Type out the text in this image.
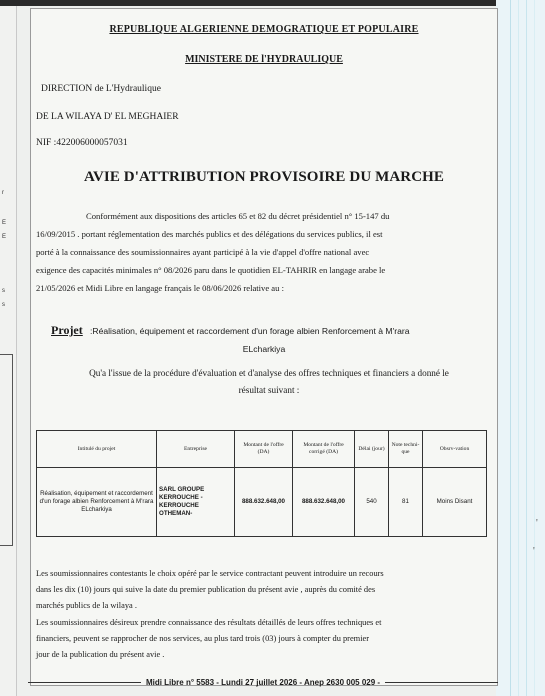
r
E
E
s
s
'
'
REPUBLIQUE ALGERIENNE DEMOGRATIQUE ET POPULAIRE
MINISTERE DE l'HYDRAULIQUE
DIRECTION de L'Hydraulique
DE LA WILAYA D' EL MEGHAIER
NIF :422006000057031
AVIE D'ATTRIBUTION PROVISOIRE DU MARCHE
Conformément aux dispositions des articles 65 et 82 du décret présidentiel n° 15-147 du
16/09/2015 . portant réglementation des marchés publics et des délégations du services publics, il est
porté à la connaissance des soumissionnaires ayant participé à la vie d'appel d'offre national avec
exigence des capacités minimales n° 08/2026 paru dans le quotidien EL-TAHRIR en langage arabe le
21/05/2026 et Midi Libre en langage français le 08/06/2026 relative au :
Projet :Réalisation, équipement et raccordement d'un forage albien Renforcement à M'rara
ELcharkiya
Qu'a l'issue de la procédure d'évaluation et d'analyse des offres techniques et financiers a donné le
résultat suivant :
Intitulé du projet	Entreprise	Montant de l'offre (DA)	Montant de l'offre corrigé (DA)	Délai (jour)	Note techni-que	Obsrv-vation
Réalisation, équipement et raccordement d'un forage albien Renforcement à M'rara ELcharkiya	SARL GROUPE KERROUCHE - KERROUCHE OTHEMAN-	888.632.648,00	888.632.648,00	540	81	Moins Disant
Les soumissionnaires contestants le choix opéré par le service contractant peuvent introduire un recours
dans les dix (10) jours qui suive la date du premier publication du présent avie , auprès du comité des
marchés publics de la wilaya .
Les soumissionnaires désireux prendre connaissance des résultats détaillés de leurs offres techniques et
financiers, peuvent se rapprocher de nos services, au plus tard trois (03) jours à compter du premier
jour de la publication du présent avie .
Midi Libre n° 5583 - Lundi 27 juillet 2026 - Anep 2630 005 029 -
